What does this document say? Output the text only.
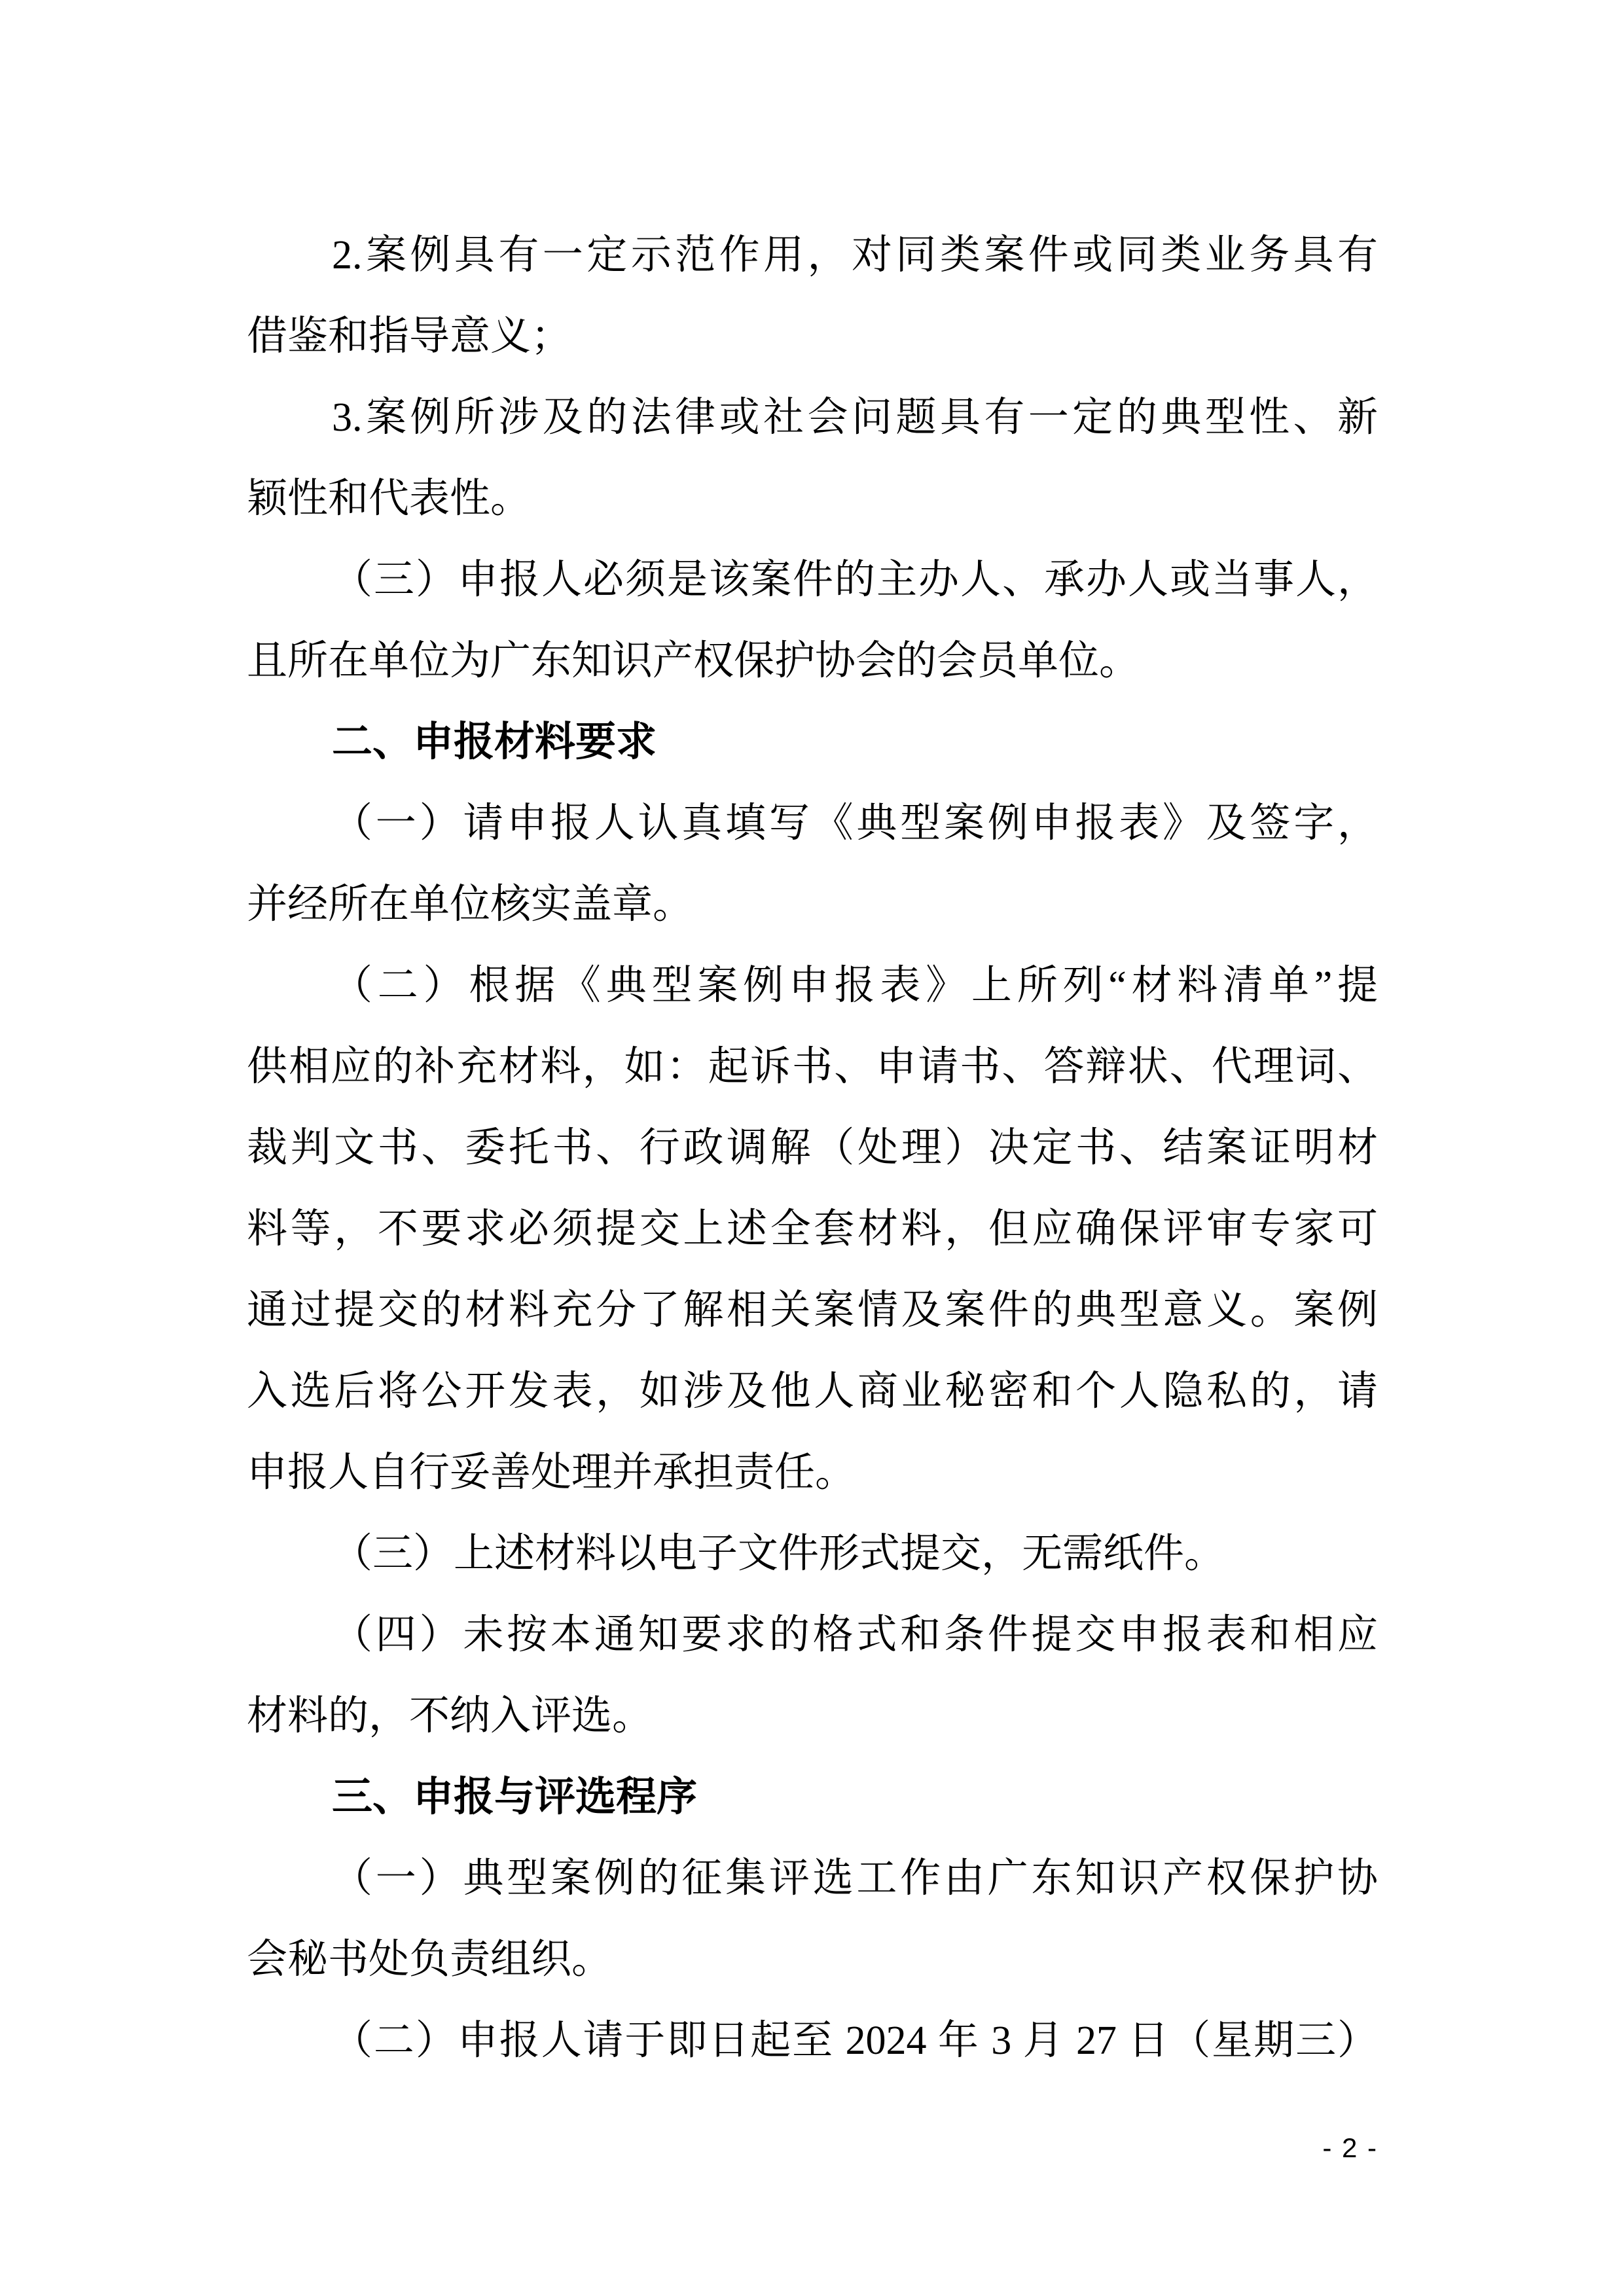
2.案例具有一定示范作用，对同类案件或同类业务具有
借鉴和指导意义；
3.案例所涉及的法律或社会问题具有一定的典型性、新
颖性和代表性。
（三）申报人必须是该案件的主办人、承办人或当事人，
且所在单位为广东知识产权保护协会的会员单位。
二、申报材料要求
（一）请申报人认真填写《典型案例申报表》及签字，
并经所在单位核实盖章。
（二）根据《典型案例申报表》上所列“材料清单”提
供相应的补充材料，如：起诉书、申请书、答辩状、代理词、
裁判文书、委托书、行政调解（处理）决定书、结案证明材
料等，不要求必须提交上述全套材料，但应确保评审专家可
通过提交的材料充分了解相关案情及案件的典型意义。案例
入选后将公开发表，如涉及他人商业秘密和个人隐私的，请
申报人自行妥善处理并承担责任。
（三）上述材料以电子文件形式提交，无需纸件。
（四）未按本通知要求的格式和条件提交申报表和相应
材料的，不纳入评选。
三、申报与评选程序
（一）典型案例的征集评选工作由广东知识产权保护协
会秘书处负责组织。
（二）申报人请于即日起至 2024 年 3 月 27 日（星期三）
- 2 -
